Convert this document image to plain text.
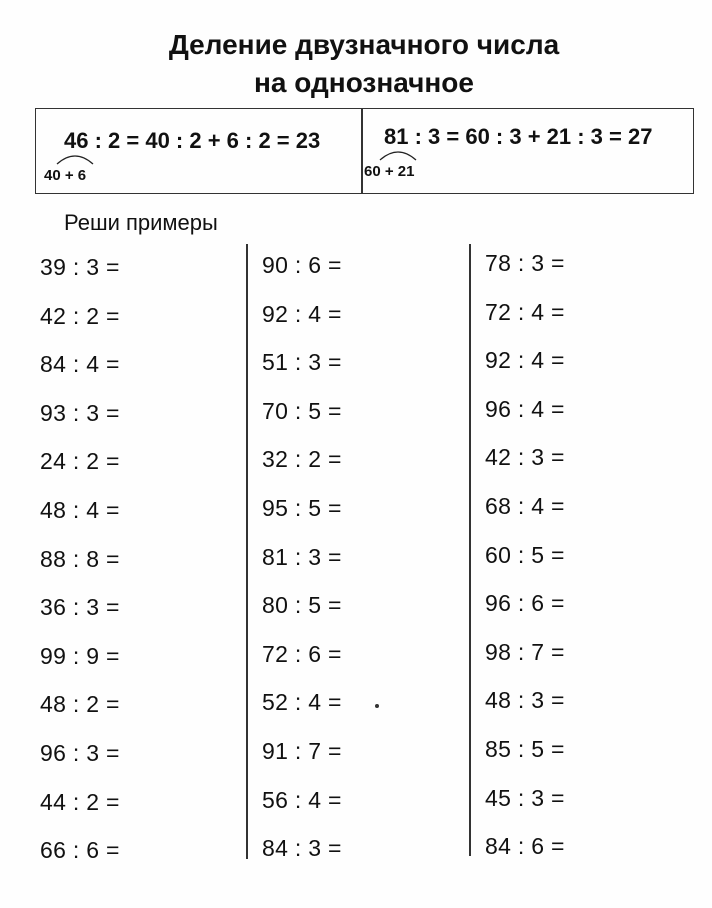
Деление двузначного числа
на однозначное
46 : 2 = 40 : 2 + 6 : 2 = 23
40 + 6
81 : 3 = 60 : 3 + 21 : 3 = 27
60 + 21
Реши примеры
39 : 3 =
42 : 2 =
84 : 4 =
93 : 3 =
24 : 2 =
48 : 4 =
88 : 8 =
36 : 3 =
99 : 9 =
48 : 2 =
96 : 3 =
44 : 2 =
66 : 6 =
90 : 6 =
92 : 4 =
51 : 3 =
70 : 5 =
32 : 2 =
95 : 5 =
81 : 3 =
80 : 5 =
72 : 6 =
52 : 4 =
91 : 7 =
56 : 4 =
84 : 3 =
78 : 3 =
72 : 4 =
92 : 4 =
96 : 4 =
42 : 3 =
68 : 4 =
60 : 5 =
96 : 6 =
98 : 7 =
48 : 3 =
85 : 5 =
45 : 3 =
84 : 6 =
